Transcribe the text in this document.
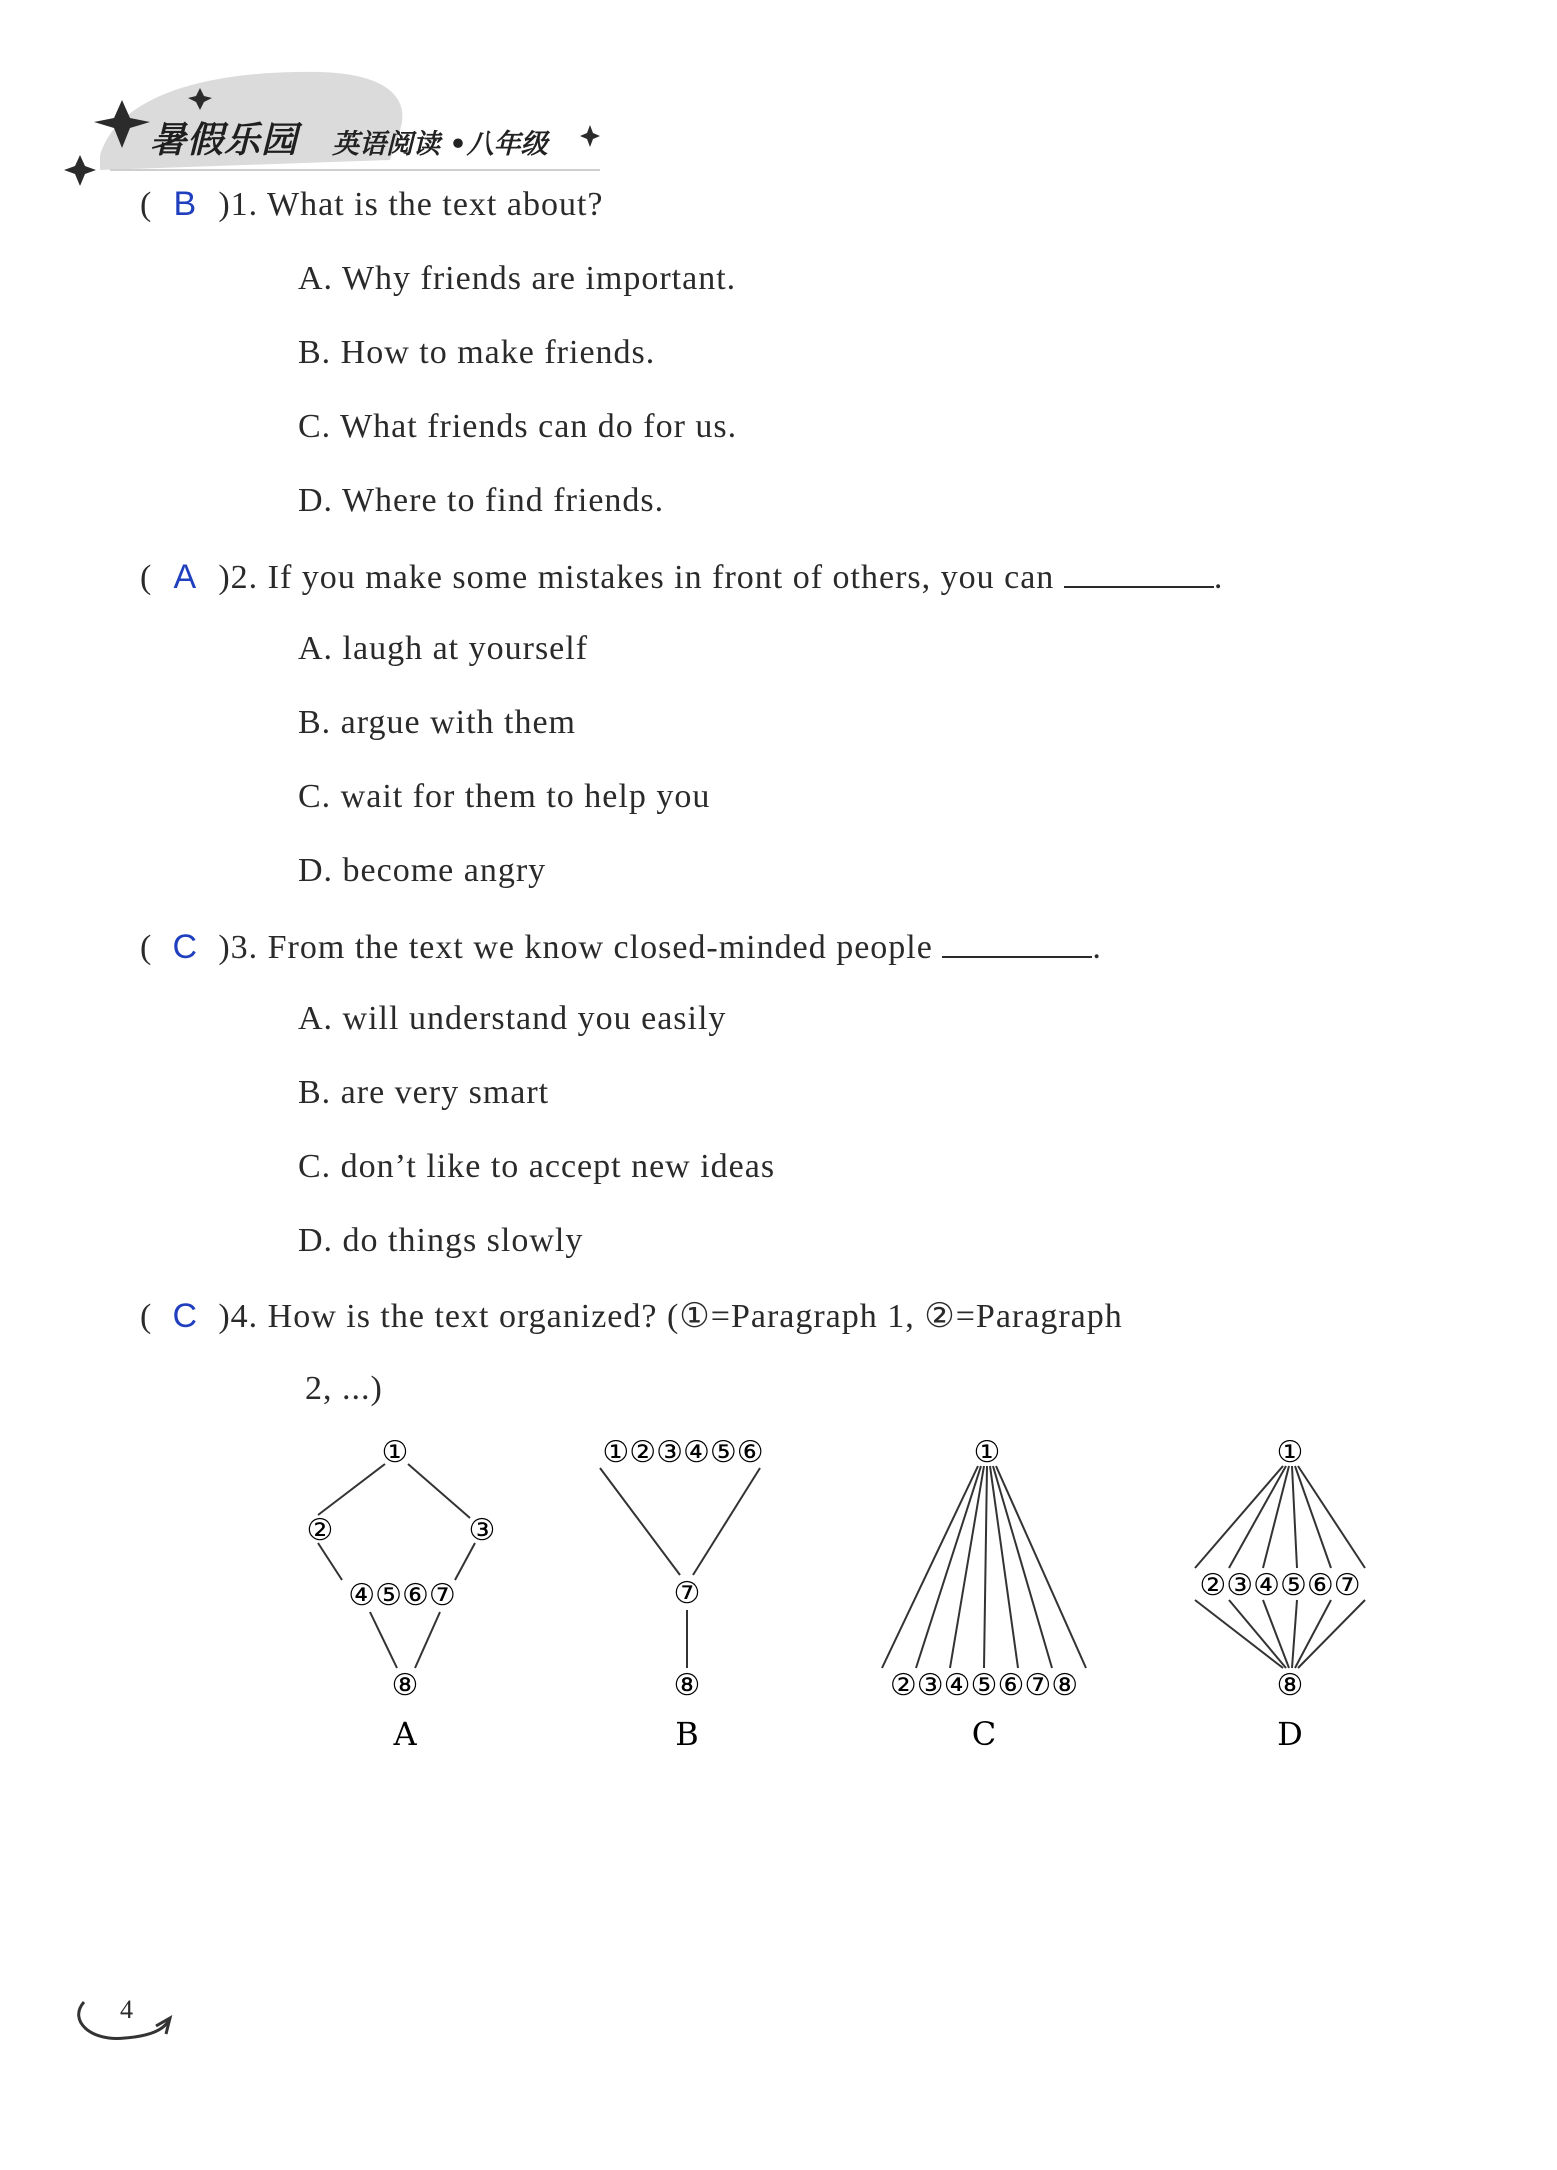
暑假乐园 英语阅读 •八年级
( B )1. What is the text about?
A. Why friends are important.
B. How to make friends.
C. What friends can do for us.
D. Where to find friends.
( A )2. If you make some mistakes in front of others, you can	.
A. laugh at yourself
B. argue with them
C. wait for them to help you
D. become angry
( C )3. From the text we know closed-minded people	.
A. will understand you easily
B. are very smart
C. don’t like to accept new ideas
D. do things slowly
( C )4. How is the text organized? (①=Paragraph 1, ②=Paragraph
2, ...)
①
②	③
④⑤⑥⑦
⑧
A
①②③④⑤⑥
⑦
⑧
B
①
②③④⑤⑥⑦⑧
C
①
②③④⑤⑥⑦
⑧
D
4
